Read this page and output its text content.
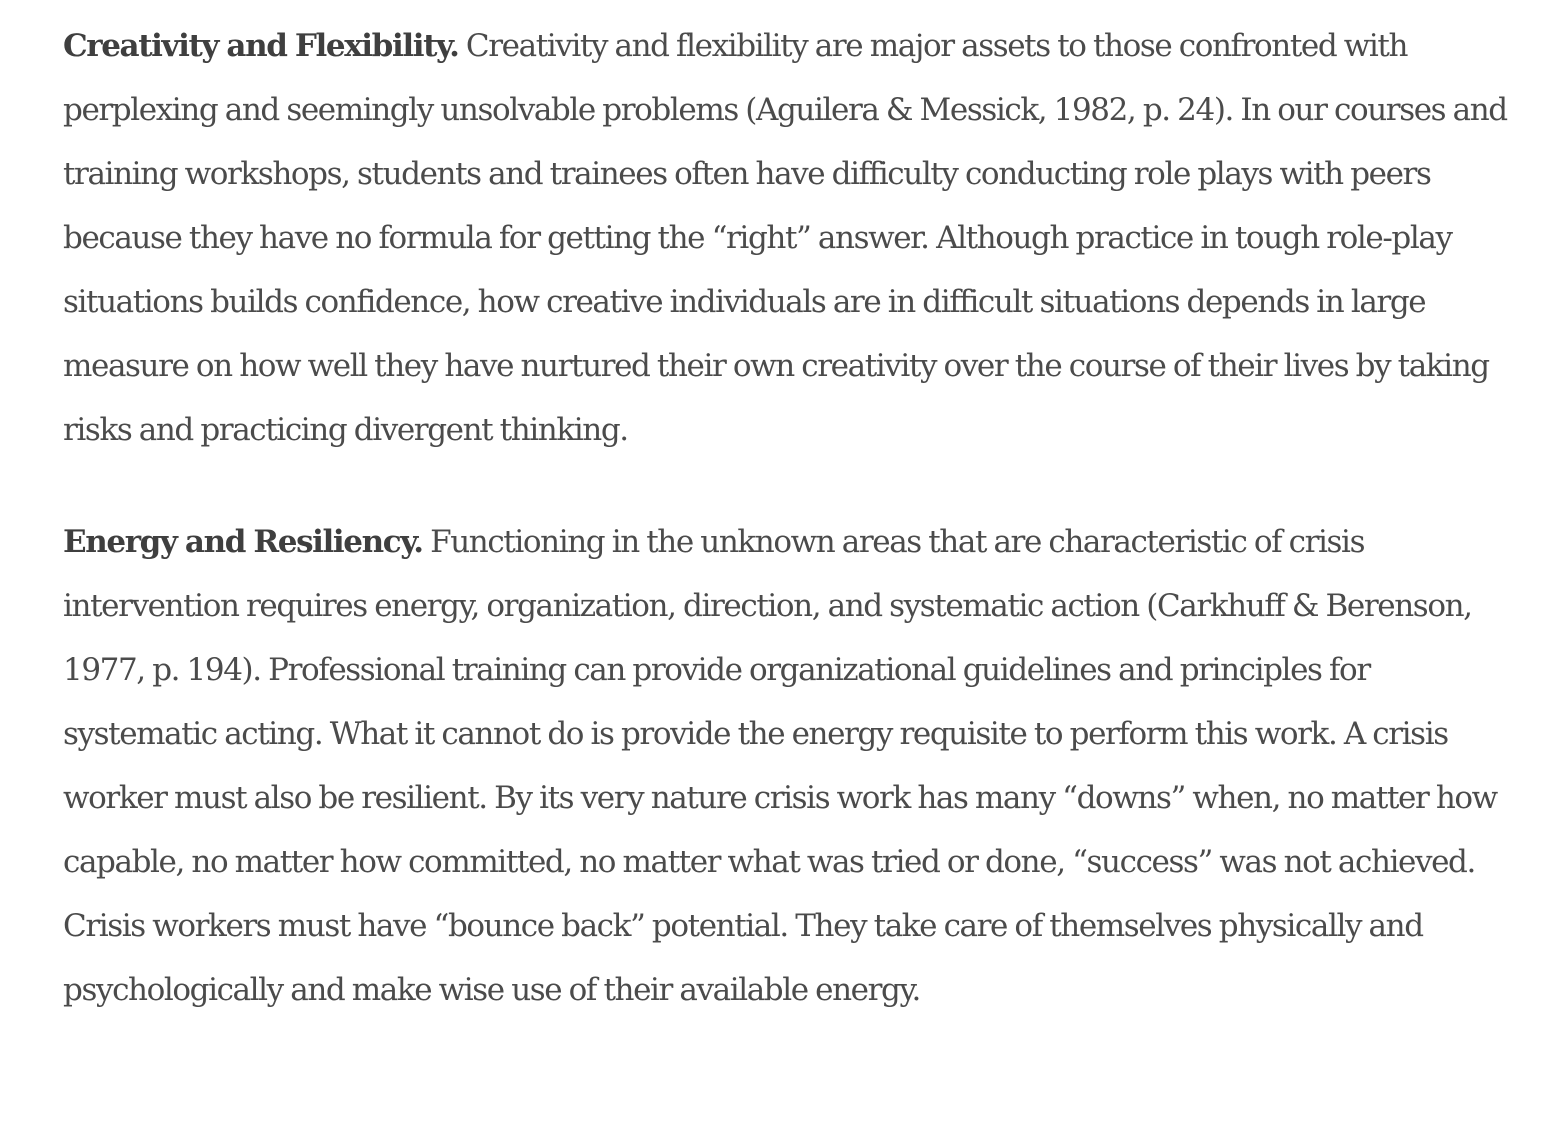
Creativity and Flexibility. Creativity and flexibility are major assets to those confronted with perplexing and seemingly unsolvable problems (Aguilera & Messick, 1982, p. 24). In our courses and training workshops, students and trainees often have difficulty conducting role plays with peers because they have no formula for getting the “right” answer. Although practice in tough role-play situations builds confidence, how creative individuals are in difficult situations depends in large measure on how well they have nurtured their own creativity over the course of their lives by taking risks and practicing divergent thinking.

Energy and Resiliency. Functioning in the unknown areas that are characteristic of crisis intervention requires energy, organization, direction, and systematic action (Carkhuff & Berenson, 1977, p. 194). Professional training can provide organizational guidelines and principles for systematic acting. What it cannot do is provide the energy requisite to perform this work. A crisis worker must also be resilient. By its very nature crisis work has many “downs” when, no matter how capable, no matter how committed, no matter what was tried or done, “success” was not achieved. Crisis workers must have “bounce back” potential. They take care of themselves physically and psychologically and make wise use of their available energy.
